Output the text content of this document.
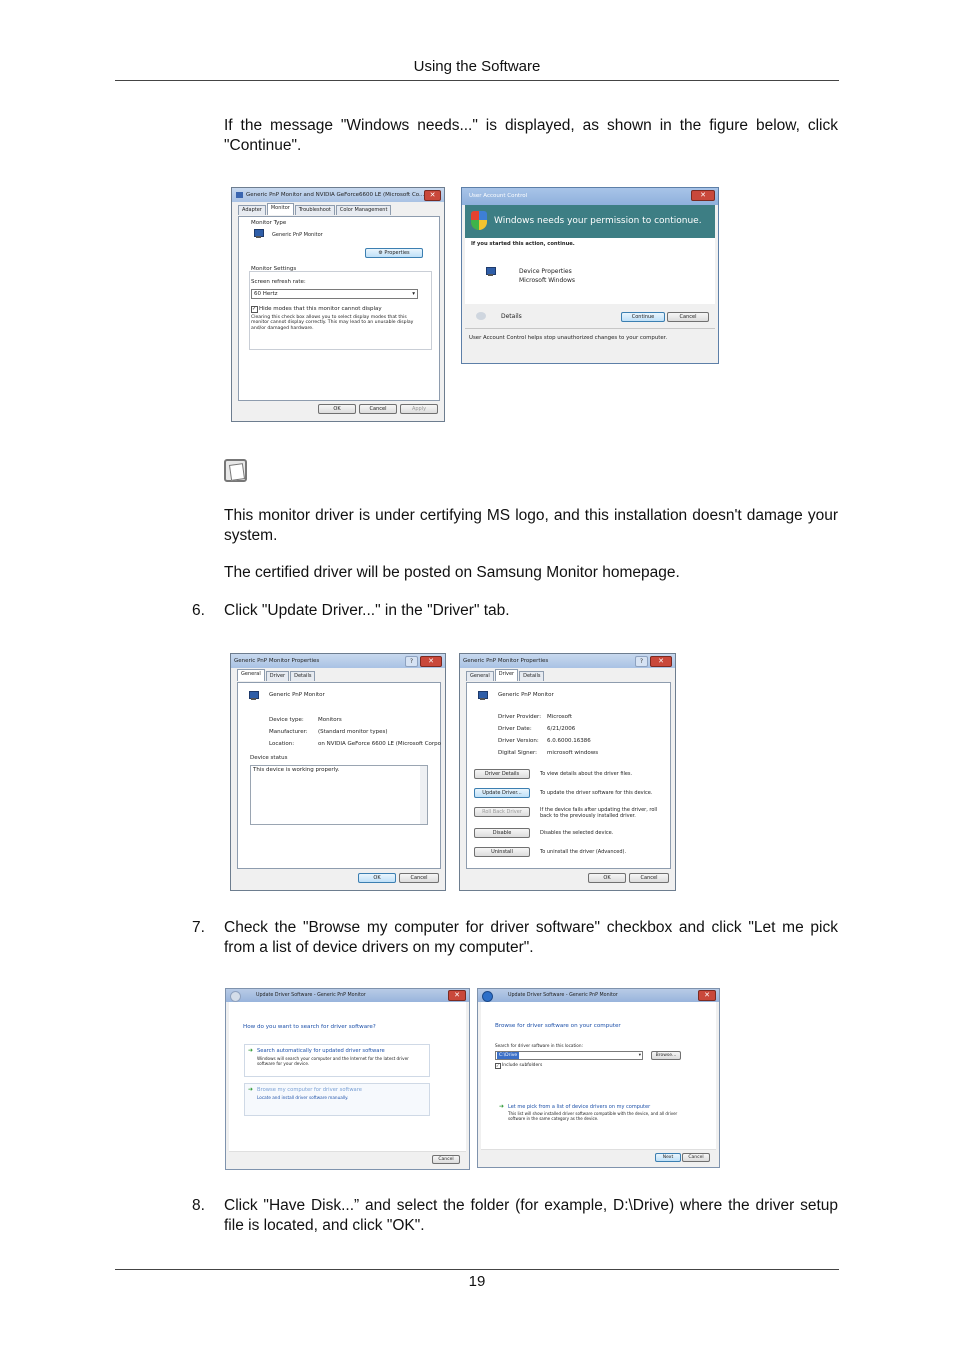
Using the Software
If the message "Windows needs..." is displayed, as shown in the figure below, click "Continue".
Generic PnP Monitor and NVIDIA GeForce6600 LE (Microsoft Co... ✕
Adapter	Monitor	Troubleshoot	Color Management
Monitor Type
Generic PnP Monitor
⚙ Properties
Monitor Settings
Screen refresh rate:
60 Hertz	▾
✓ Hide modes that this monitor cannot display
Clearing this check box allows you to select display modes that this monitor cannot display correctly. This may lead to an unusable display and/or damaged hardware.
OK	Cancel	Apply
User Account Control	✕
Windows needs your permission to contionue.
If you started this action, continue.
Device Properties
Microsoft Windows
Details	Continue	Cancel
User Account Control helps stop unauthorized changes to your computer.
This monitor driver is under certifying MS logo, and this installation doesn't damage your system.
The certified driver will be posted on Samsung Monitor homepage.
6. Click "Update Driver..." in the "Driver" tab.
Generic PnP Monitor Properties	?	✕
General	Driver	Details
Generic PnP Monitor
Device type:	Monitors
Manufacturer: (Standard monitor types)
Location:	on NVIDIA GeForce 6600 LE (Microsoft Corpo
Device status
This device is working properly.
OK	Cancel
Generic PnP Monitor Properties	?	✕
General	Driver	Details
Generic PnP Monitor
Driver Provider: Microsoft
Driver Date:	6/21/2006
Driver Version: 6.0.6000.16386
Digital Signer: microsoft windows
Driver Details	To view details about the driver files.
Update Driver...	To update the driver software for this device.
Roll Back Driver	If the device fails after updating the driver, roll back to the previously installed driver.
Disable	Disables the selected device.
Uninstall	To uninstall the driver (Advanced).
OK	Cancel
7. Check the "Browse my computer for driver software" checkbox and click "Let me pick from a list of device drivers on my computer".
Update Driver Software - Generic PnP Monitor	✕
How do you want to search for driver software?
➜ Search automatically for updated driver software
Windows will search your computer and the Internet for the latest driver software for your device.
➜ Browse my computer for driver software
Locate and install driver software manually.
Cancel
Update Driver Software - Generic PnP Monitor	✕
Browse for driver software on your computer
Search for driver software in this location:
C:\Drive	▾	Browse...
✓ Include subfolders
➜ Let me pick from a list of device drivers on my computer
This list will show installed driver software compatible with the device, and all driver software in the same category as the device.
Next	Cancel
8. Click "Have Disk...” and select the folder (for example, D:\Drive) where the driver setup file is located, and click "OK".
19
